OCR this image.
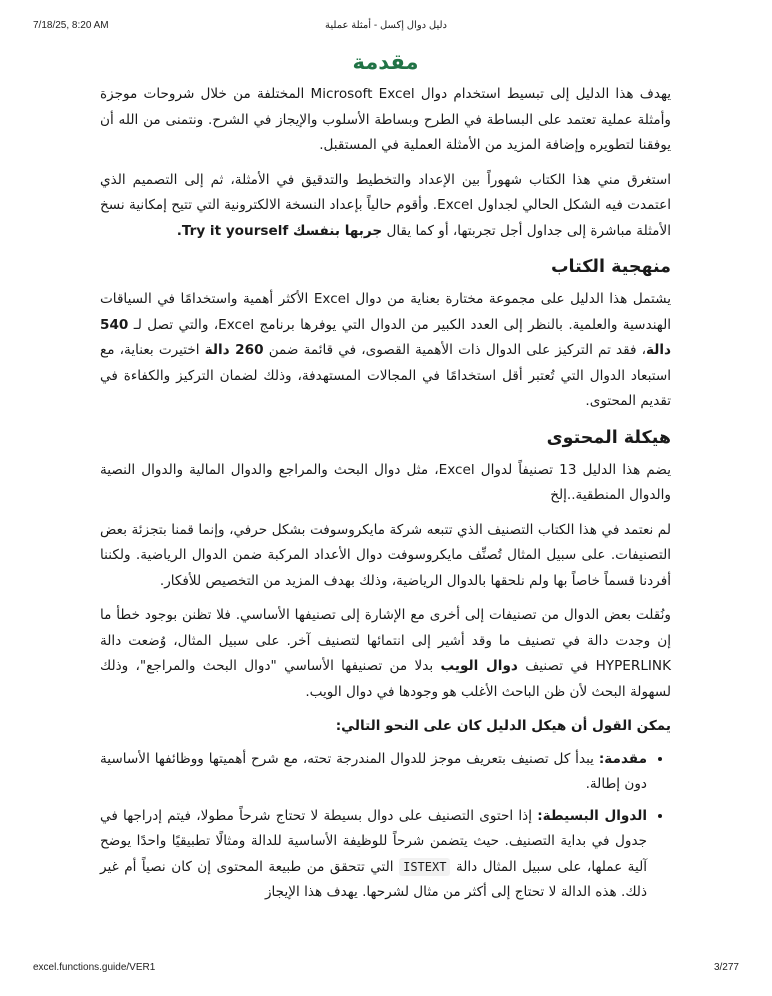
7/18/25, 8:20 AM	دليل دوال إكسل - أمثلة عملية
مقدمة

يهدف هذا الدليل إلى تبسيط استخدام دوال Microsoft Excel المختلفة من خلال شروحات موجزة وأمثلة عملية تعتمد على البساطة في الطرح وبساطة الأسلوب والإيجاز في الشرح. ونتمنى من الله أن يوفقنا لتطويره وإضافة المزيد من الأمثلة العملية في المستقبل.

استغرق مني هذا الكتاب شهوراً بين الإعداد والتخطيط والتدقيق في الأمثلة، ثم إلى التصميم الذي اعتمدت فيه الشكل الحالي لجداول Excel. وأقوم حالياً بإعداد النسخة الالكترونية التي تتيح إمكانية نسخ الأمثلة مباشرة إلى جداول أجل تجربتها، أو كما يقال جربها بنفسك Try it yourself.

منهجية الكتاب

يشتمل هذا الدليل على مجموعة مختارة بعناية من دوال Excel الأكثر أهمية واستخدامًا في السياقات الهندسية والعلمية. بالنظر إلى العدد الكبير من الدوال التي يوفرها برنامج Excel، والتي تصل لـ 540 دالة، فقد تم التركيز على الدوال ذات الأهمية القصوى، في قائمة ضمن 260 دالة اختيرت بعناية، مع استبعاد الدوال التي تُعتبر أقل استخدامًا في المجالات المستهدفة، وذلك لضمان التركيز والكفاءة في تقديم المحتوى.

هيكلة المحتوى

يضم هذا الدليل 13 تصنيفاً لدوال Excel، مثل دوال البحث والمراجع والدوال المالية والدوال النصية والدوال المنطقية..إلخ

لم نعتمد في هذا الكتاب التصنيف الذي تتبعه شركة مايكروسوفت بشكل حرفي، وإنما قمنا بتجزئة بعض التصنيفات. على سبيل المثال تُصنِّف مايكروسوفت دوال الأعداد المركبة ضمن الدوال الرياضية. ولكننا أفردنا قسماً خاصاً بها ولم نلحقها بالدوال الرياضية، وذلك بهدف المزيد من التخصيص للأفكار.

ونُقلت بعض الدوال من تصنيفات إلى أخرى مع الإشارة إلى تصنيفها الأساسي. فلا تظنن بوجود خطأ ما إن وجدت دالة في تصنيف ما وقد أشير إلى انتمائها لتصنيف آخر. على سبيل المثال، وُضعت دالة HYPERLINK في تصنيف دوال الويب بدلا من تصنيفها الأساسي "دوال البحث والمراجع"، وذلك لسهولة البحث لأن ظن الباحث الأغلب هو وجودها في دوال الويب.

يمكن القول أن هيكل الدليل كان على النحو التالي:
• مقدمة: يبدأ كل تصنيف بتعريف موجز للدوال المندرجة تحته، مع شرح أهميتها ووظائفها الأساسية دون إطالة.
• الدوال البسيطة: إذا احتوى التصنيف على دوال بسيطة لا تحتاج شرحاً مطولا، فيتم إدراجها في جدول في بداية التصنيف. حيث يتضمن شرحاً للوظيفة الأساسية للدالة ومثالًا تطبيقيًا واحدًا يوضح آلية عملها، على سبيل المثال دالة ISTEXT التي تتحقق من طبيعة المحتوى إن كان نصياً أم غير ذلك. هذه الدالة لا تحتاج إلى أكثر من مثال لشرحها. يهدف هذا الإيجاز
excel.functions.guide/VER1	3/277
